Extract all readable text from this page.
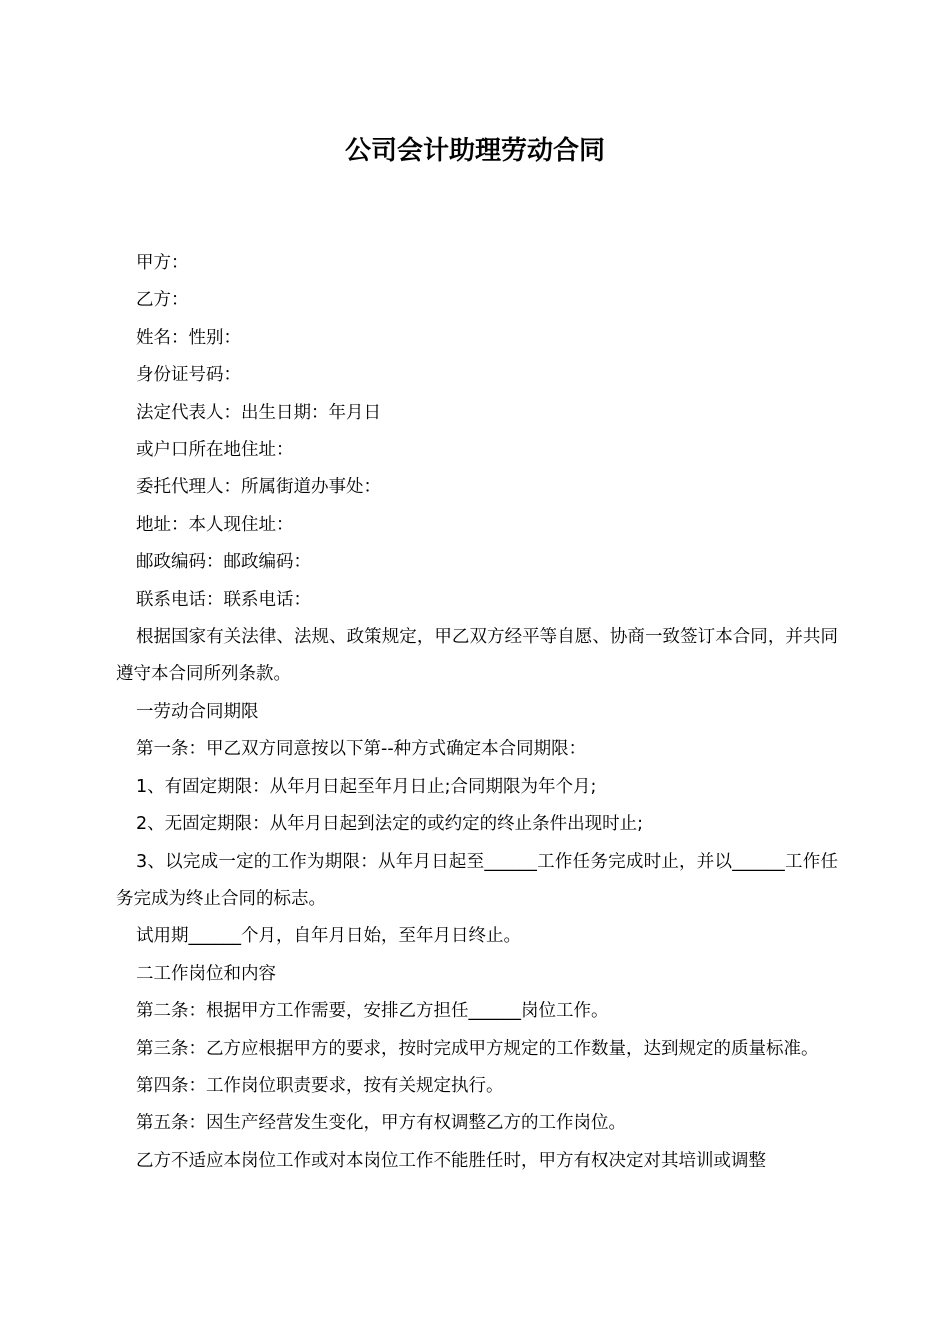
公司会计助理劳动合同

甲方：

乙方：

姓名：性别：

身份证号码：

法定代表人：出生日期：年月日

或户口所在地住址：

委托代理人：所属街道办事处：

地址：本人现住址：

邮政编码：邮政编码：

联系电话：联系电话：

根据国家有关法律、法规、政策规定，甲乙双方经平等自愿、协商一致签订本合同，并共同遵守本合同所列条款。

一劳动合同期限

第一条：甲乙双方同意按以下第--种方式确定本合同期限：

1、有固定期限：从年月日起至年月日止;合同期限为年个月;

2、无固定期限：从年月日起到法定的或约定的终止条件出现时止;

3、以完成一定的工作为期限：从年月日起至______工作任务完成时止，并以______工作任务完成为终止合同的标志。

试用期______个月，自年月日始，至年月日终止。

二工作岗位和内容

第二条：根据甲方工作需要，安排乙方担任______岗位工作。

第三条：乙方应根据甲方的要求，按时完成甲方规定的工作数量，达到规定的质量标准。

第四条：工作岗位职责要求，按有关规定执行。

第五条：因生产经营发生变化，甲方有权调整乙方的工作岗位。

乙方不适应本岗位工作或对本岗位工作不能胜任时，甲方有权决定对其培训或调整
